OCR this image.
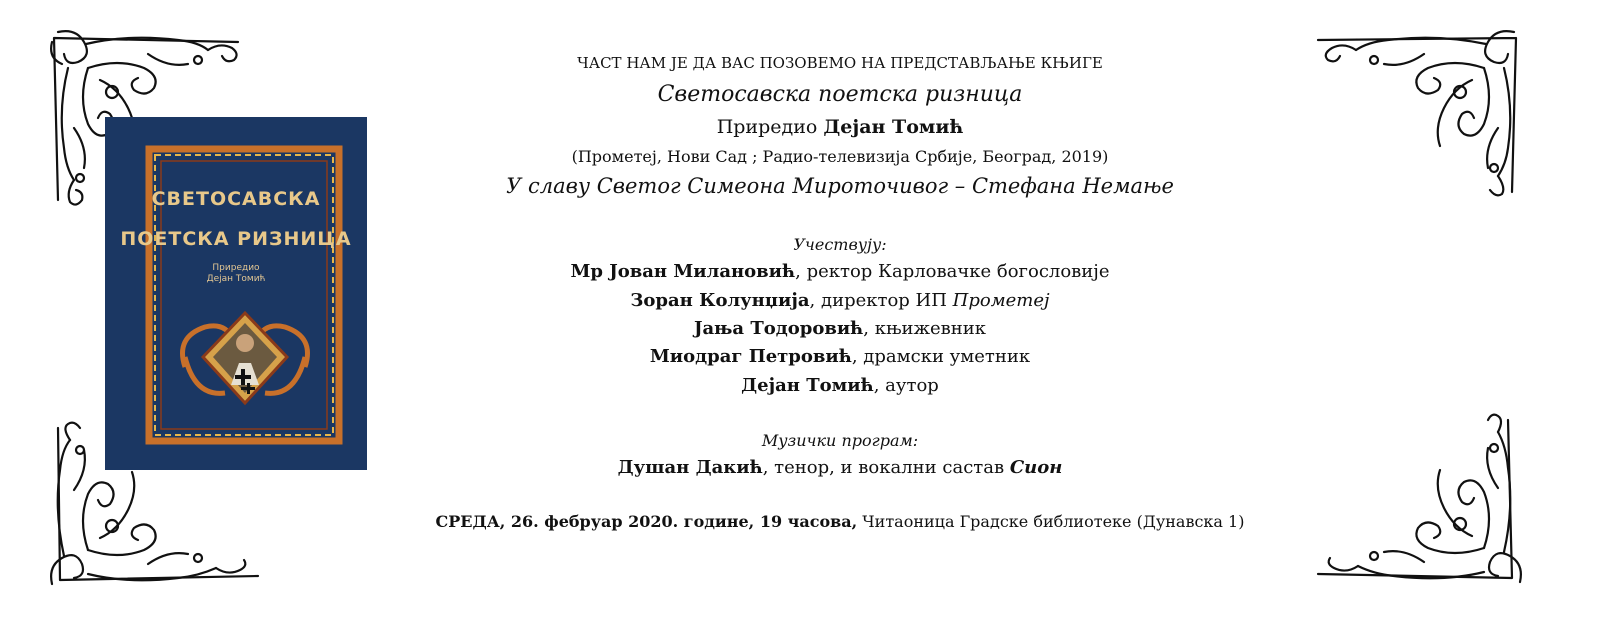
СВЕТОСАВСКА
ПОЕТСКА РИЗНИЦА
Приредио
Дејан Томић
ЧАСТ НАМ ЈЕ ДА ВАС ПОЗОВЕМО НА ПРЕДСТАВЉАЊЕ КЊИГЕ
Светосавска поетска ризница
Приредио Дејан Томић
(Прометеј, Нови Сад ; Радио-телевизија Србије, Београд, 2019)
У славу Светог Симеона Мироточивог – Стефана Немање
Учествују:
Мр Јован Милановић, ректор Карловачке богословије
Зоран Колунџија, директор ИП Прометеј
Јања Тодоровић, књижевник
Миодраг Петровић, драмски уметник
Дејан Томић, аутор
Музички програм:
Душан Дакић, тенор, и вокални састав Сион
СРЕДА, 26. фебруар 2020. године, 19 часова, Читаоница Градске библиотеке (Дунавска 1)
